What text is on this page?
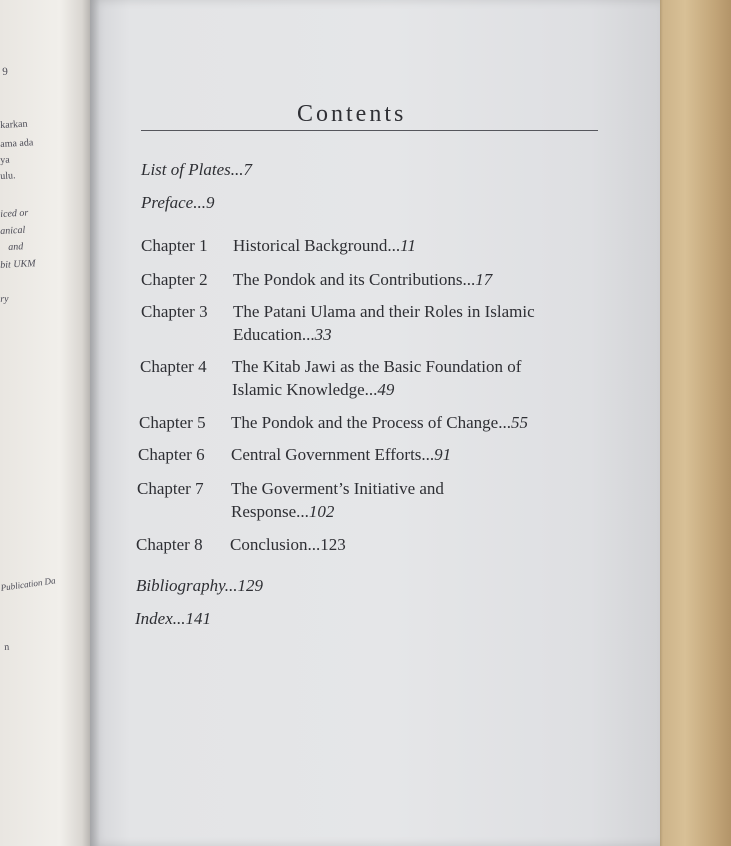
9
karkan
ama ada
ya
ulu.
iced or
anical
and
bit UKM
ry
Publication Da
n
Contents
List of Plates...7
Preface...9
Chapter 1 Historical Background...11
Chapter 2 The Pondok and its Contributions...17
Chapter 3 The Patani Ulama and their Roles in Islamic
Education...33
Chapter 4 The Kitab Jawi as the Basic Foundation of
Islamic Knowledge...49
Chapter 5 The Pondok and the Process of Change...55
Chapter 6 Central Government Efforts...91
Chapter 7 The Goverment’s Initiative and
Response...102
Chapter 8 Conclusion...123
Bibliography...129
Index...141
